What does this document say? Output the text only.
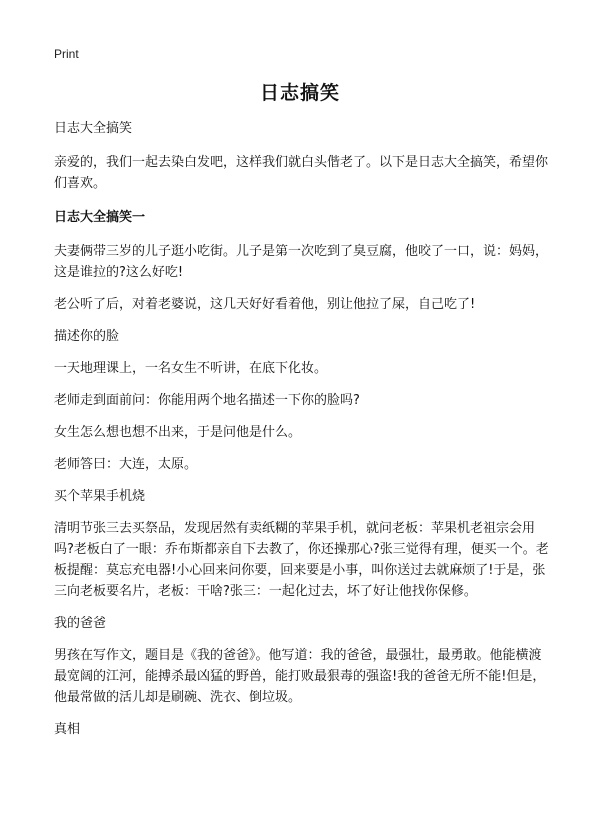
Print
日志搞笑
日志大全搞笑

亲爱的，我们一起去染白发吧，这样我们就白头偕老了。以下是日志大全搞笑，希望你们喜欢。

日志大全搞笑一

夫妻俩带三岁的儿子逛小吃街。儿子是第一次吃到了臭豆腐，他咬了一口，说：妈妈，这是谁拉的?这么好吃!

老公听了后，对着老婆说，这几天好好看着他，别让他拉了屎，自己吃了!

描述你的脸

一天地理课上，一名女生不听讲，在底下化妆。

老师走到面前问：你能用两个地名描述一下你的脸吗?

女生怎么想也想不出来，于是问他是什么。

老师答曰：大连，太原。

买个苹果手机烧

清明节张三去买祭品，发现居然有卖纸糊的苹果手机，就问老板：苹果机老祖宗会用吗?老板白了一眼：乔布斯都亲自下去教了，你还操那心?张三觉得有理，便买一个。老板提醒：莫忘充电器!小心回来问你要，回来要是小事，叫你送过去就麻烦了!于是，张三向老板要名片，老板：干啥?张三：一起化过去，坏了好让他找你保修。

我的爸爸

男孩在写作文，题目是《我的爸爸》。他写道：我的爸爸，最强壮，最勇敢。他能横渡最宽阔的江河，能搏杀最凶猛的野兽，能打败最狠毒的强盗!我的爸爸无所不能!但是，他最常做的活儿却是刷碗、洗衣、倒垃圾。

真相
